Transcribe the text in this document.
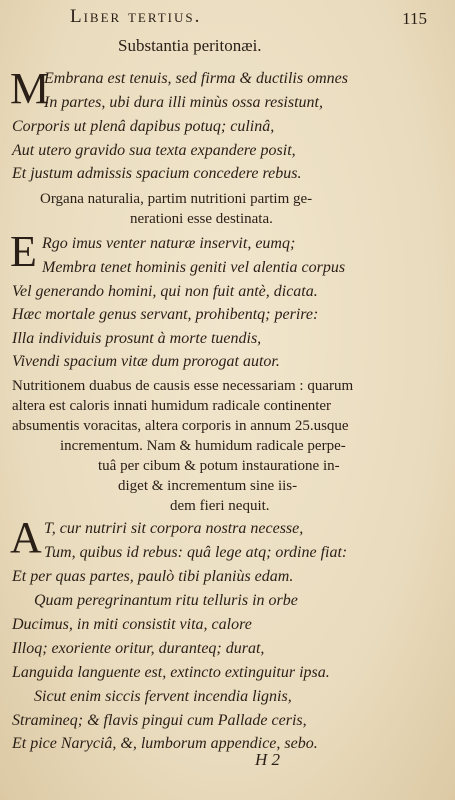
Liber tertius.	115
Substantia peritonæi.
M
Embrana est tenuis, sed firma & ductilis omnes
In partes, ubi dura illi minùs ossa resistunt,
Corporis ut plenâ dapibus potuq; culinâ,
Aut utero gravido sua texta expandere posit,
Et justum admissis spacium concedere rebus.
Organa naturalia, partim nutritioni partim ge-
nerationi esse destinata.
E Rgo imus venter naturæ inservit, eumq;
Membra tenet hominis geniti vel alentia corpus
Vel generando homini, qui non fuit antè, dicata.
Hæc mortale genus servant, prohibentq; perire:
Illa individuis prosunt à morte tuendis,
Vivendi spacium vitæ dum prorogat autor.
Nutritionem duabus de causis esse necessariam : quarum
altera est caloris innati humidum radicale continenter
absumentis voracitas, altera corporis in annum 25.usque
incrementum. Nam & humidum radicale perpe-
tuâ per cibum & potum instauratione in-
diget & incrementum sine iis-
dem fieri nequit.
A T, cur nutriri sit corpora nostra necesse,
Tum, quibus id rebus: quâ lege atq; ordine fiat:
Et per quas partes, paulò tibi planiùs edam.
Quam peregrinantum ritu telluris in orbe
Ducimus, in miti consistit vita, calore
Illoq; exoriente oritur, duranteq; durat,
Languida languente est, extincto extinguitur ipsa.
Sicut enim siccis fervent incendia lignis,
Stramineq; & flavis pingui cum Pallade ceris,
Et pice Naryciâ, &, lumborum appendice, sebo.
H 2
